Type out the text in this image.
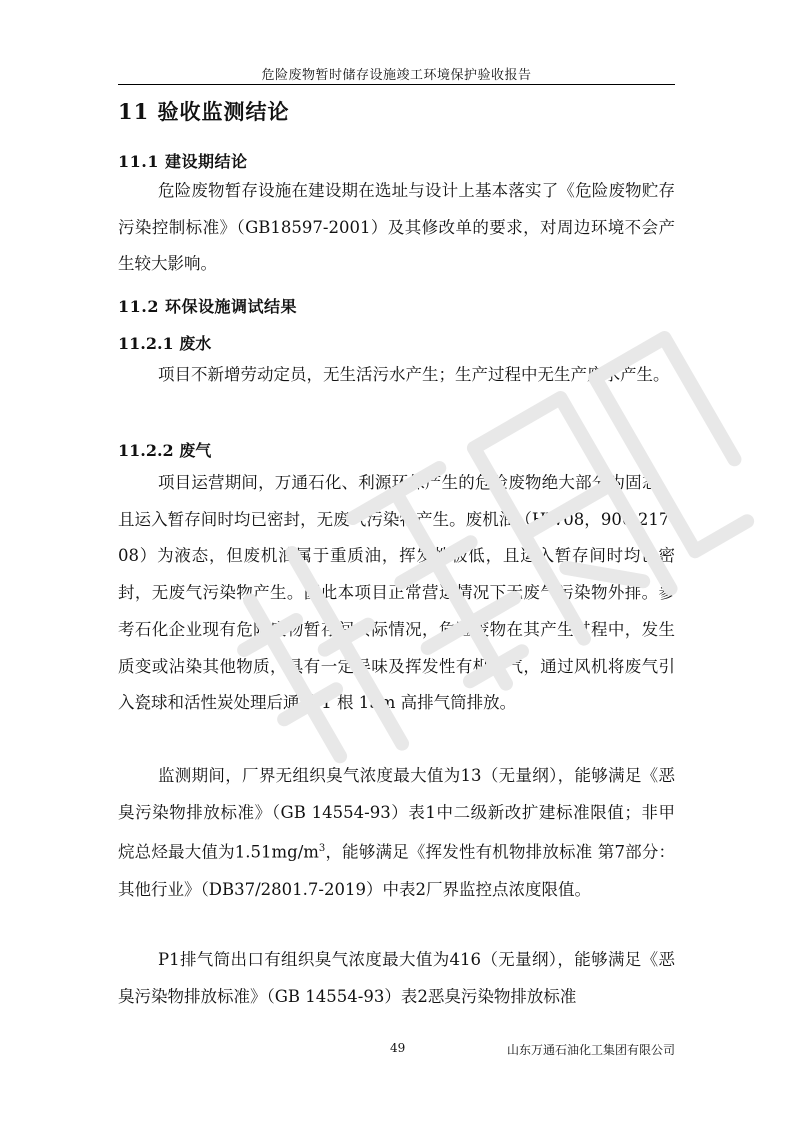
危险废物暂时储存设施竣工环境保护验收报告
11 验收监测结论
11.1 建设期结论

危险废物暂存设施在建设期在选址与设计上基本落实了《危险废物贮存污染控制标准》（GB18597-2001）及其修改单的要求，对周边环境不会产生较大影响。

11.2 环保设施调试结果
11.2.1 废水

项目不新增劳动定员，无生活污水产生；生产过程中无生产废水产生。

11.2.2 废气

项目运营期间，万通石化、利源环保产生的危险废物绝大部分为固态，且运入暂存间时均已密封，无废气污染物产生。废机油（HW08，900-217-08）为液态，但废机油属于重质油，挥发性极低，且运入暂存间时均已密封，无废气污染物产生。因此本项目正常营运情况下无废气污染物外排。参考石化企业现有危险废物暂存间实际情况，危险废物在其产生过程中，发生质变或沾染其他物质，具有一定异味及挥发性有机废气，通过风机将废气引入瓷球和活性炭处理后通过 1 根 15m 高排气筒排放。

监测期间，厂界无组织臭气浓度最大值为13（无量纲），能够满足《恶臭污染物排放标准》（GB 14554-93）表1中二级新改扩建标准限值；非甲烷总烃最大值为$1.51mg/m^3$，能够满足《挥发性有机物排放标准 第7部分：其他行业》（DB37/2801.7-2019）中表2厂界监控点浓度限值。

P1排气筒出口有组织臭气浓度最大值为416（无量纲），能够满足《恶臭污染物排放标准》（GB 14554-93）表2恶臭污染物排放标准

49	山东万通石油化工集团有限公司
